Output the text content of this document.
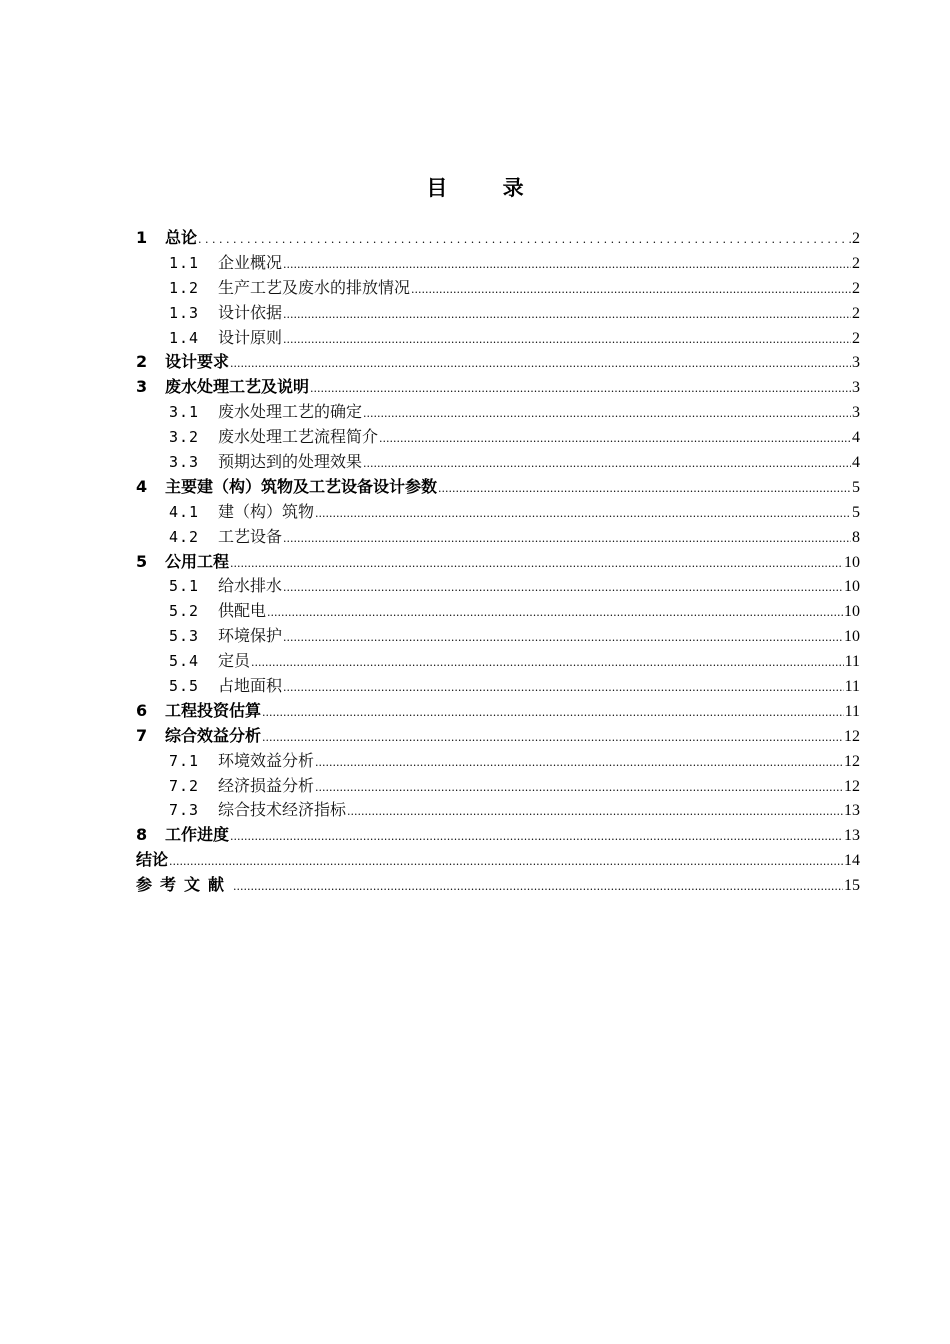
目 录
1	总论 . . .	2
1.1	企业概况 .....	2
1.2	生产工艺及废水的排放情况 .....	2
1.3	设计依据 .....	2
1.4	设计原则 .....	2
2	设计要求 .....	3
3	废水处理工艺及说明 .....	3
3.1	废水处理工艺的确定 .....	3
3.2	废水处理工艺流程简介 .....	4
3.3	预期达到的处理效果 .....	4
4	主要建（构）筑物及工艺设备设计参数 .....	5
4.1	建（构）筑物 .....	5
4.2	工艺设备 .....	8
5	公用工程 .....	10
5.1	给水排水 .....	10
5.2	供配电 .....	10
5.3	环境保护 .....	10
5.4	定员 .....	11
5.5	占地面积 .....	11
6	工程投资估算 .....	11
7	综合效益分析 .....	12
7.1	环境效益分析 .....	12
7.2	经济损益分析 .....	12
7.3	综合技术经济指标 .....	13
8	工作进度 .....	13
结论 .....	14
参考文献 .....	15
